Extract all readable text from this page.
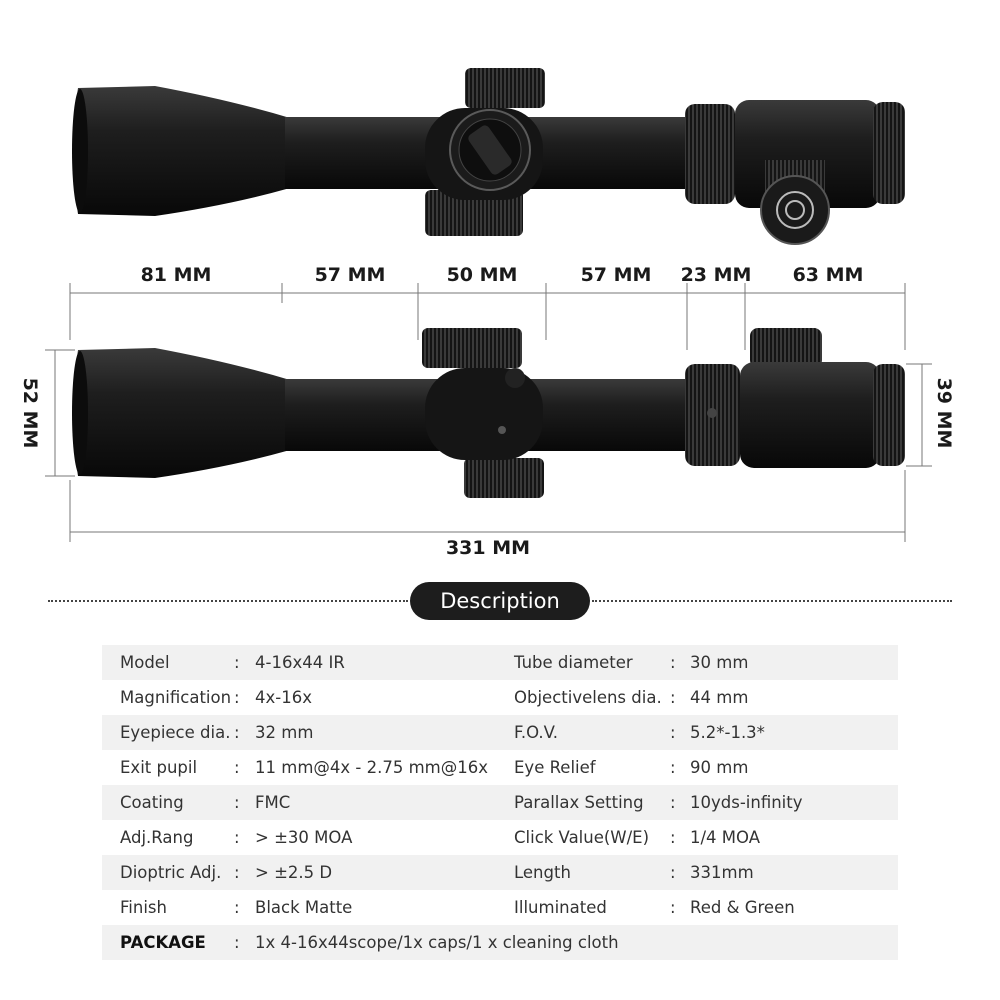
81 MM	57 MM	50 MM	57 MM 23 MM 63 MM
331 MM
52 MM	39 MM
Description
Model	: 4-16x44 IR	Tube diameter : 30 mm
Magnification : 4x-16x	Objectivelens dia. : 44 mm
Eyepiece dia. : 32 mm	F.O.V.	: 5.2*-1.3*
Exit pupil : 11 mm@4x - 2.75 mm@16x Eye Relief	: 90 mm
Coating	: FMC	Parallax Setting : 10yds-infinity
Adj.Rang : > ±30 MOA	Click Value(W/E) : 1/4 MOA
Dioptric Adj. : > ±2.5 D	Length	: 331mm
Finish	: Black Matte	Illuminated	: Red & Green
PACKAGE : 1x 4-16x44scope/1x caps/1 x cleaning cloth
